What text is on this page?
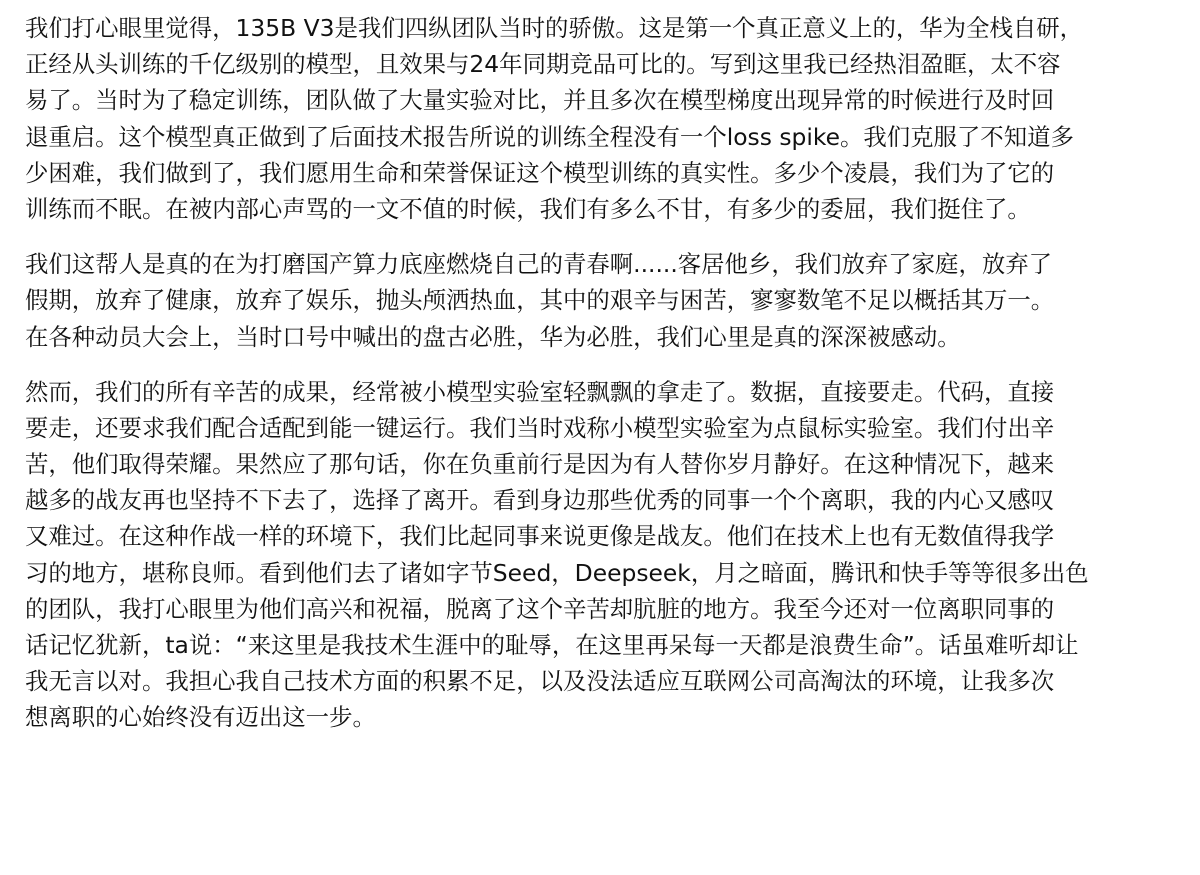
我们打心眼里觉得，135B V3是我们四纵团队当时的骄傲。这是第一个真正意义上的，华为全栈自研，
正经从头训练的千亿级别的模型，且效果与24年同期竞品可比的。写到这里我已经热泪盈眶，太不容
易了。当时为了稳定训练，团队做了大量实验对比，并且多次在模型梯度出现异常的时候进行及时回
退重启。这个模型真正做到了后面技术报告所说的训练全程没有一个loss spike。我们克服了不知道多
少困难，我们做到了，我们愿用生命和荣誉保证这个模型训练的真实性。多少个凌晨，我们为了它的
训练而不眠。在被内部心声骂的一文不值的时候，我们有多么不甘，有多少的委屈，我们挺住了。

我们这帮人是真的在为打磨国产算力底座燃烧自己的青春啊......客居他乡，我们放弃了家庭，放弃了
假期，放弃了健康，放弃了娱乐，抛头颅洒热血，其中的艰辛与困苦，寥寥数笔不足以概括其万一。
在各种动员大会上，当时口号中喊出的盘古必胜，华为必胜，我们心里是真的深深被感动。

然而，我们的所有辛苦的成果，经常被小模型实验室轻飘飘的拿走了。数据，直接要走。代码，直接
要走，还要求我们配合适配到能一键运行。我们当时戏称小模型实验室为点鼠标实验室。我们付出辛
苦，他们取得荣耀。果然应了那句话，你在负重前行是因为有人替你岁月静好。在这种情况下，越来
越多的战友再也坚持不下去了，选择了离开。看到身边那些优秀的同事一个个离职，我的内心又感叹
又难过。在这种作战一样的环境下，我们比起同事来说更像是战友。他们在技术上也有无数值得我学
习的地方，堪称良师。看到他们去了诸如字节Seed，Deepseek，月之暗面，腾讯和快手等等很多出色
的团队，我打心眼里为他们高兴和祝福，脱离了这个辛苦却肮脏的地方。我至今还对一位离职同事的
话记忆犹新，ta说：“来这里是我技术生涯中的耻辱，在这里再呆每一天都是浪费生命”。话虽难听却让
我无言以对。我担心我自己技术方面的积累不足，以及没法适应互联网公司高淘汰的环境，让我多次
想离职的心始终没有迈出这一步。
